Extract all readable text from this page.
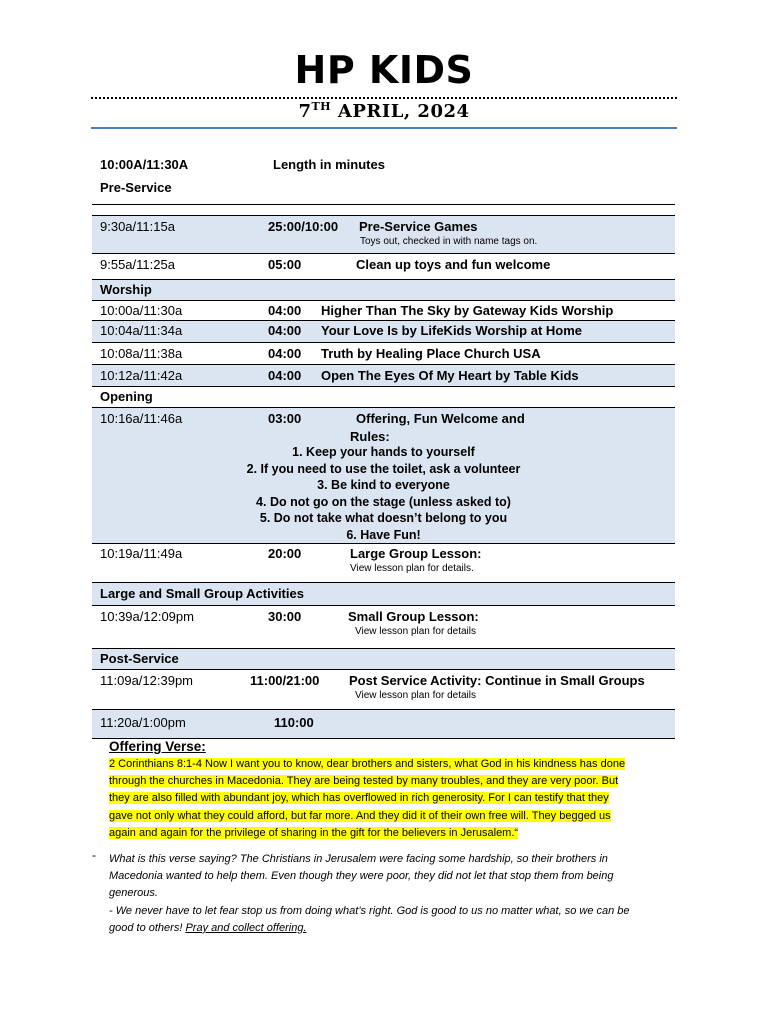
HP KIDS
7TH APRIL, 2024
10:00A/11:30A	Length in minutes
Pre-Service
9:30a/11:15a	25:00/10:00 Pre-Service Games
Toys out, checked in with name tags on.
9:55a/11:25a	05:00	Clean up toys and fun welcome
Worship
10:00a/11:30a	04:00 Higher Than The Sky by Gateway Kids Worship
10:04a/11:34a	04:00 Your Love Is by LifeKids Worship at Home
10:08a/11:38a	04:00 Truth by Healing Place Church USA
10:12a/11:42a	04:00 Open The Eyes Of My Heart by Table Kids
Opening
10:16a/11:46a	03:00	Offering, Fun Welcome and
Rules:
1. Keep your hands to yourself
2. If you need to use the toilet, ask a volunteer
3. Be kind to everyone
4. Do not go on the stage (unless asked to)
5. Do not take what doesn’t belong to you
6. Have Fun!
10:19a/11:49a	20:00	Large Group Lesson:
View lesson plan for details.
Large and Small Group Activities
10:39a/12:09pm	30:00	Small Group Lesson:
View lesson plan for details
Post-Service
11:09a/12:39pm	11:00/21:00 Post Service Activity: Continue in Small Groups
View lesson plan for details
11:20a/1:00pm	110:00
Offering Verse:
2 Corinthians 8:1-4 Now I want you to know, dear brothers and sisters, what God in his kindness has done
through the churches in Macedonia. They are being tested by many troubles, and they are very poor. But
they are also filled with abundant joy, which has overflowed in rich generosity. For I can testify that they
gave not only what they could afford, but far more. And they did it of their own free will. They begged us
again and again for the privilege of sharing in the gift for the believers in Jerusalem.“
- What is this verse saying? The Christians in Jerusalem were facing some hardship, so their brothers in
Macedonia wanted to help them. Even though they were poor, they did not let that stop them from being
generous.
- We never have to let fear stop us from doing what’s right. God is good to us no matter what, so we can be
good to others! Pray and collect offering.
